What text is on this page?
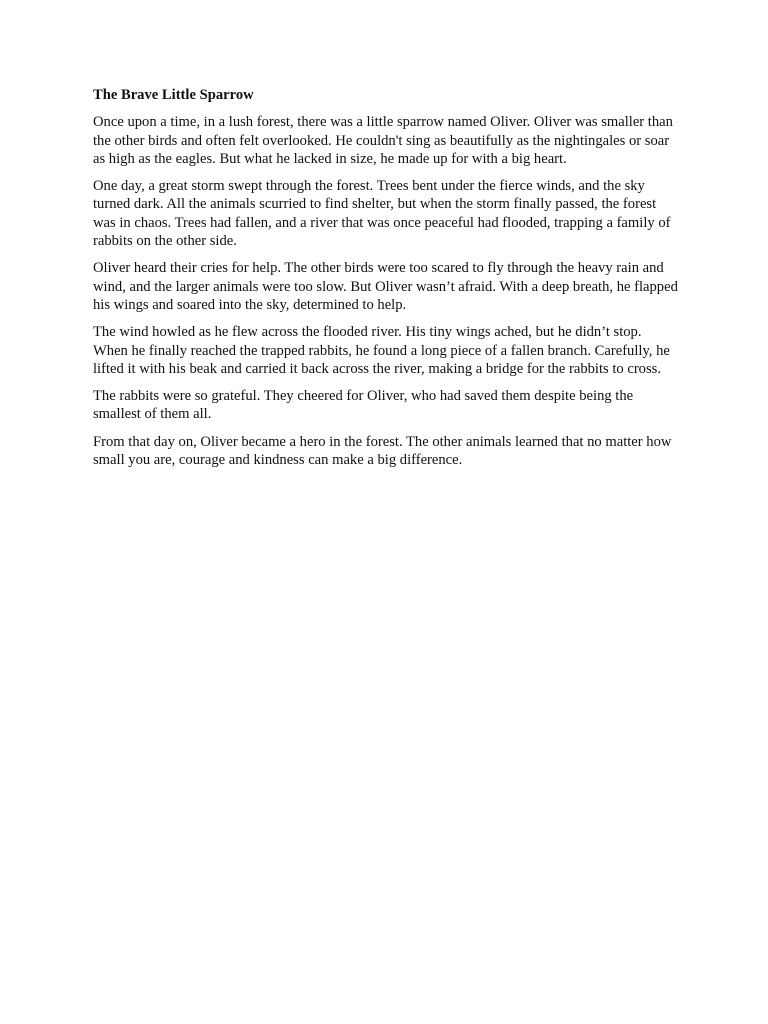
The Brave Little Sparrow

Once upon a time, in a lush forest, there was a little sparrow named Oliver. Oliver was smaller than the other birds and often felt overlooked. He couldn't sing as beautifully as the nightingales or soar as high as the eagles. But what he lacked in size, he made up for with a big heart.

One day, a great storm swept through the forest. Trees bent under the fierce winds, and the sky turned dark. All the animals scurried to find shelter, but when the storm finally passed, the forest was in chaos. Trees had fallen, and a river that was once peaceful had flooded, trapping a family of rabbits on the other side.

Oliver heard their cries for help. The other birds were too scared to fly through the heavy rain and wind, and the larger animals were too slow. But Oliver wasn’t afraid. With a deep breath, he flapped his wings and soared into the sky, determined to help.

The wind howled as he flew across the flooded river. His tiny wings ached, but he didn’t stop. When he finally reached the trapped rabbits, he found a long piece of a fallen branch. Carefully, he lifted it with his beak and carried it back across the river, making a bridge for the rabbits to cross.

The rabbits were so grateful. They cheered for Oliver, who had saved them despite being the smallest of them all.

From that day on, Oliver became a hero in the forest. The other animals learned that no matter how small you are, courage and kindness can make a big difference.
